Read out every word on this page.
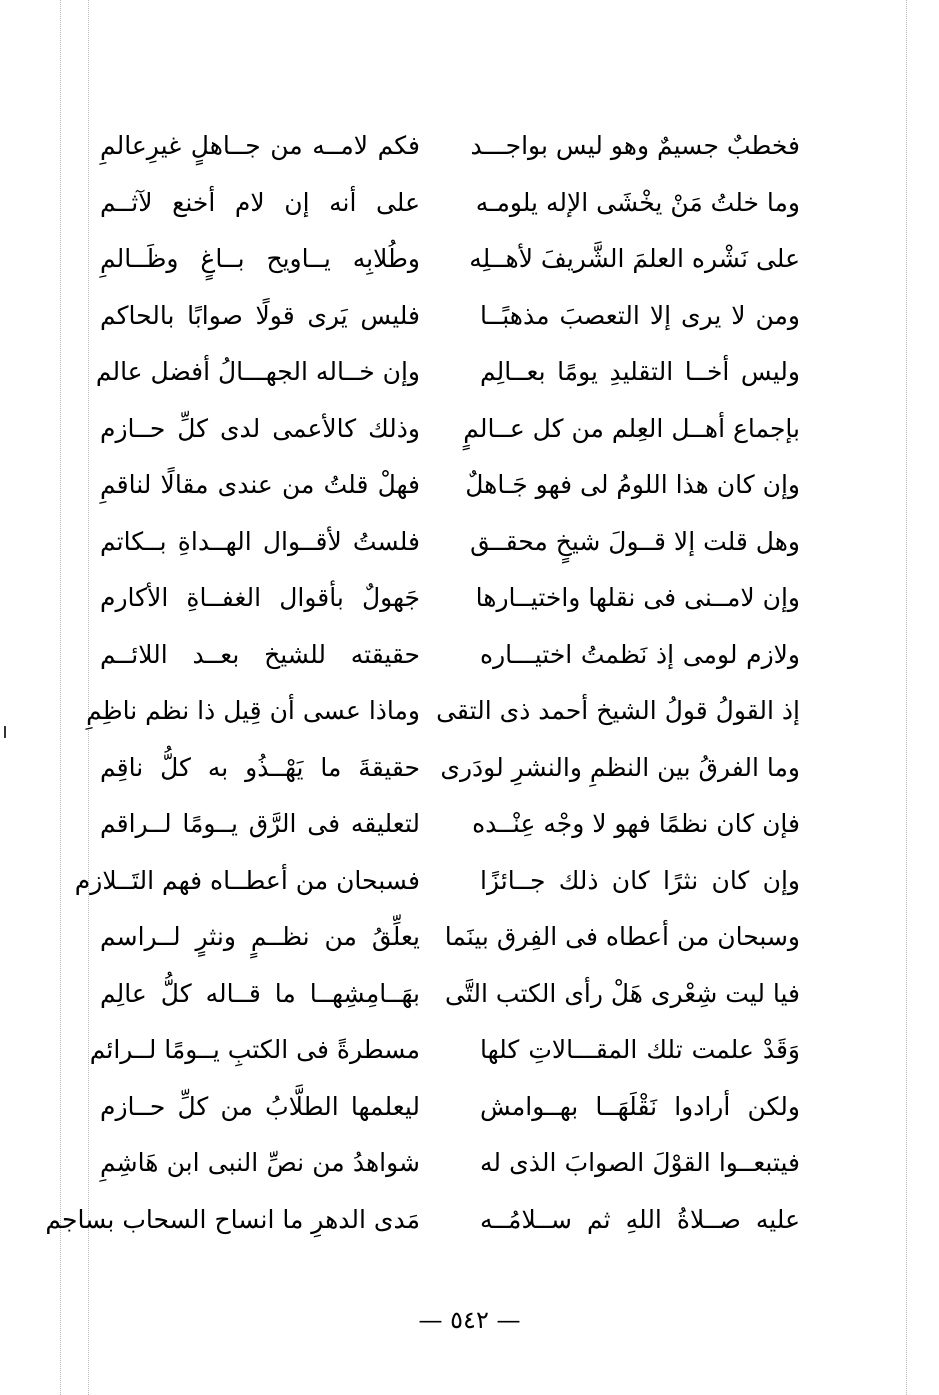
فخطبٌ جسيمٌ وهو ليس بواجـــد
فكم لامــه من جــاهلٍ غيرِعالمِ
وما خلتُ مَنْ يخْشَى الإله يلومـه
على أنه إن لام أخنع لآثــم
على نَشْره العلمَ الشَّريفَ لأهــلِه
وطُلابِه يــاويح بــاغٍ وظَــالمِ
ومن لا يرى إلا التعصبَ مذهبًــا
فليس يَرى قولًا صوابًا بالحاكم
وليس أخــا التقليدِ يومًا بعــالِم
وإن خــاله الجهـــالُ أفضل عالم
بإجماع أهــل العِلم من كل عــالمٍ
وذلك كالأعمى لدى كلِّ حــازم
وإن كان هذا اللومُ لى فهو جَـاهلٌ
فهلْ قلتُ من عندى مقالًا لناقمِ
وهل قلت إلا قــولَ شيخٍ محقــق
فلستُ لأقــوال الهــداةِ بــكاتم
وإن لامــنى فى نقلها واختيــارها
جَهولٌ بأقوال الغفــاةِ الأكارم
ولازم لومى إذ نَظمتُ اختيـــاره
حقيقته للشيخ بعــد اللائــم
إذ القولُ قولُ الشيخ أحمد ذى التقى
وماذا عسى أن قِيل ذا نظم ناظِمِ
وما الفرقُ بين النظمِ والنشرِ لودَرى
حقيقةَ ما يَهْــذُو به كلُّ ناقِم
فإن كان نظمًا فهو لا وجْه عِنْــده
لتعليقه فى الرَّق يــومًا لــراقم
وإن كان نثرًا كان ذلك جــائزًا
فسبحان من أعطــاه فهم التَــلازم
وسبحان من أعطاه فى الفِرق بينَما
يعلِّقُ من نظــمٍ ونثرٍ لــراسم
فيا ليت شِعْرى هَلْ رأى الكتب التَّى
بهَــامِشِهــا ما قــاله كلُّ عالِم
وَقَدْ علمت تلك المقـــالاتِ كلها
مسطرةً فى الكتبِ يــومًا لــرائم
ولكن أرادوا نَقْلَهَــا بهــوامش
ليعلمها الطلَّابُ من كلِّ حــازم
فيتبعــوا القوْلَ الصوابَ الذى له
شواهدُ من نصِّ النبى ابن هَاشِمِ
عليه صــلاةُ اللهِ ثم ســلامُــه
مَدى الدهرِ ما انساح السحاب بساجم
— ٥٤٢ —
